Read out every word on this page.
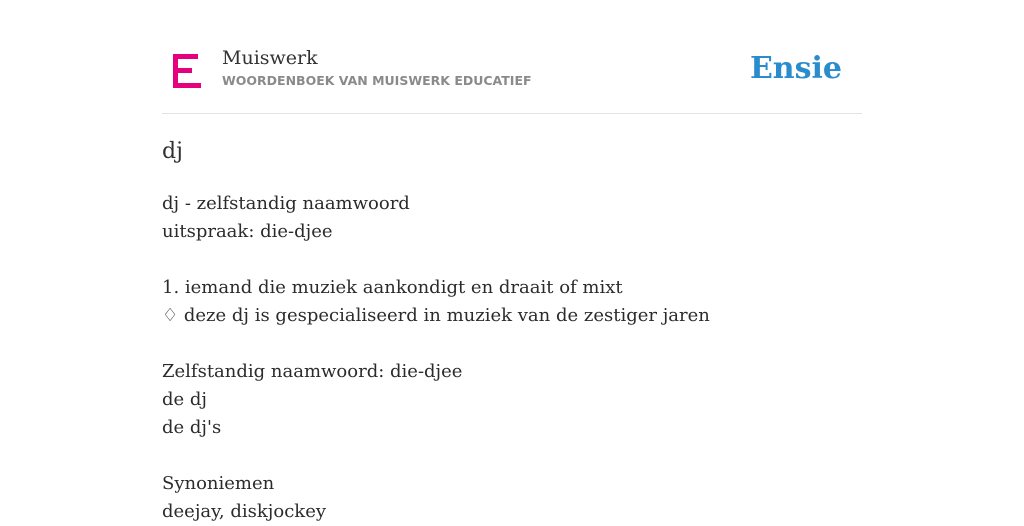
Muiswerk
WOORDENBOEK VAN MUISWERK EDUCATIEF	Ensie
dj
dj - zelfstandig naamwoord
uitspraak: die-djee
1. iemand die muziek aankondigt en draait of mixt
♢ deze dj is gespecialiseerd in muziek van de zestiger jaren
Zelfstandig naamwoord: die-djee
de dj
de dj's
Synoniemen
deejay, diskjockey
